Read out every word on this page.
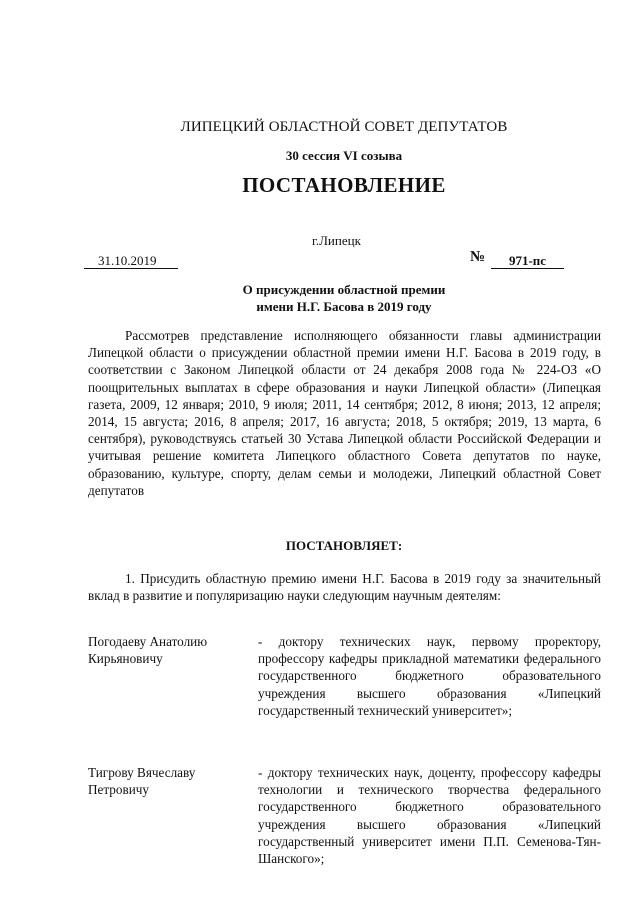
ЛИПЕЦКИЙ ОБЛАСТНОЙ СОВЕТ ДЕПУТАТОВ
30 сессия VI созыва
ПОСТАНОВЛЕНИЕ
г.Липецк
31.10.2019	№	971-пс
О присуждении областной премии
имени Н.Г. Басова в 2019 году
Рассмотрев представление исполняющего обязанности главы администрации Липецкой области о присуждении областной премии имени Н.Г. Басова в 2019 году, в соответствии с Законом Липецкой области от 24 декабря 2008 года № 224-ОЗ «О поощрительных выплатах в сфере образования и науки Липецкой области» (Липецкая газета, 2009, 12 января; 2010, 9 июля; 2011, 14 сентября; 2012, 8 июня; 2013, 12 апреля; 2014, 15 августа; 2016, 8 апреля; 2017, 16 августа; 2018, 5 октября; 2019, 13 марта, 6 сентября), руководствуясь статьей 30 Устава Липецкой области Российской Федерации и учитывая решение комитета Липецкого областного Совета депутатов по науке, образованию, культуре, спорту, делам семьи и молодежи, Липецкий областной Совет депутатов
ПОСТАНОВЛЯЕТ:
1. Присудить областную премию имени Н.Г. Басова в 2019 году за значительный вклад в развитие и популяризацию науки следующим научным деятелям:
Погодаеву Анатолию Кирьяновичу
- доктору технических наук, первому проректору, профессору кафедры прикладной математики федерального государственного бюджетного образовательного учреждения высшего образования «Липецкий государственный технический университет»;
Тигрову Вячеславу Петровичу
- доктору технических наук, доценту, профессору кафедры технологии и технического творчества федерального государственного бюджетного образовательного учреждения высшего образования «Липецкий государственный университет имени П.П. Семенова-Тян-Шанского»;
